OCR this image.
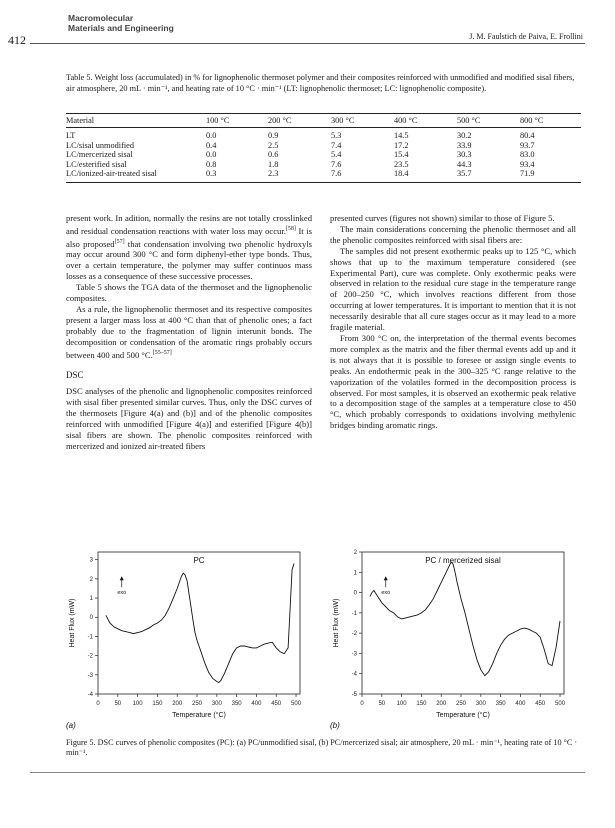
412
Macromolecular
Materials and Engineering
J. M. Faulstich de Paiva, E. Frollini
Table 5. Weight loss (accumulated) in % for lignophenolic thermoset polymer and their composites reinforced with unmodified and modified sisal fibers, air atmosphere, 20 mL · min⁻¹, and heating rate of 10 °C · min⁻¹ (LT: lignophenolic thermoset; LC: lignophenolic composite).
Material	100 °C	200 °C	300 °C	400 °C	500 °C	800 °C
LT	0.0	0.9	5.3	14.5	30.2	80.4
LC/sisal unmodified	0.4	2.5	7.4	17.2	33.9	93.7
LC/mercerized sisal	0.0	0.6	5.4	15.4	30.3	83.0
LC/esterified sisal	0.8	1.8	7.6	23.5	44.3	93.4
LC/ionized-air-treated sisal	0.3	2.3	7.6	18.4	35.7	71.9

present work. In adition, normally the resins are not totally crosslinked and residual condensation reactions with water loss may occur.[58] It is also proposed[57] that condensation involving two phenolic hydroxyls may occur around 300 °C and form diphenyl-ether type bonds. Thus, over a certain temperature, the polymer may suffer continuos mass losses as a consequence of these successive processes.

Table 5 shows the TGA data of the thermoset and the lignophenolic composites.

As a rule, the lignophenolic thermoset and its respective composites present a larger mass loss at 400 °C than that of phenolic ones; a fact probably due to the fragmentation of lignin interunit bonds. The decomposition or condensation of the aromatic rings probably occurs between 400 and 500 °C.[55–57]

DSC

DSC analyses of the phenolic and lignophenolic composites reinforced with sisal fiber presented similar curves. Thus, only the DSC curves of the thermosets [Figure 4(a) and (b)] and of the phenolic composites reinforced with unmodified [Figure 4(a)] and esterified [Figure 4(b)] sisal fibers are shown. The phenolic composites reinforced with mercerized and ionized air-treated fibers

presented curves (figures not shown) similar to those of Figure 5.

The main considerations concerning the phenolic thermoset and all the phenolic composites reinforced with sisal fibers are:

The samples did not present exothermic peaks up to 125 °C, which shows that up to the maximum temperature considered (see Experimental Part), cure was complete. Only exothermic peaks were observed in relation to the residual cure stage in the temperature range of 200–250 °C, which involves reactions different from those occurring at lower temperatures. It is important to mention that it is not necessarily desirable that all cure stages occur as it may lead to a more fragile material.

From 300 °C on, the interpretation of the thermal events becomes more complex as the matrix and the fiber thermal events add up and it is not always that it is possible to foresee or assign single events to peaks. An endothermic peak in the 300–325 °C range relative to the vaporization of the volatiles formed in the decomposition process is observed. For most samples, it is observed an exothermic peak relative to a decomposition stage of the samples at a temperature close to 450 °C, which probably corresponds to oxidations involving methylenic bridges binding aromatic rings.

0 50 100 150 200 250 300 350 400 450 500
-4
-3
-2
-1
0
1
2
3	PC
Temperature (°C)
Heat Flux (mW)
(a)
exo
0 50 100 150 200 250 300 350 400 450 500
-5
-4
-3
-2
-1
0
1
2
PC / mercerized sisal
Temperature (°C)
Heat Flux (mW)
(b)
exo
Figure 5. DSC curves of phenolic composites (PC): (a) PC/unmodified sisal, (b) PC/mercerized sisal; air atmosphere, 20 mL · min⁻¹, heating rate of 10 °C · min⁻¹.
